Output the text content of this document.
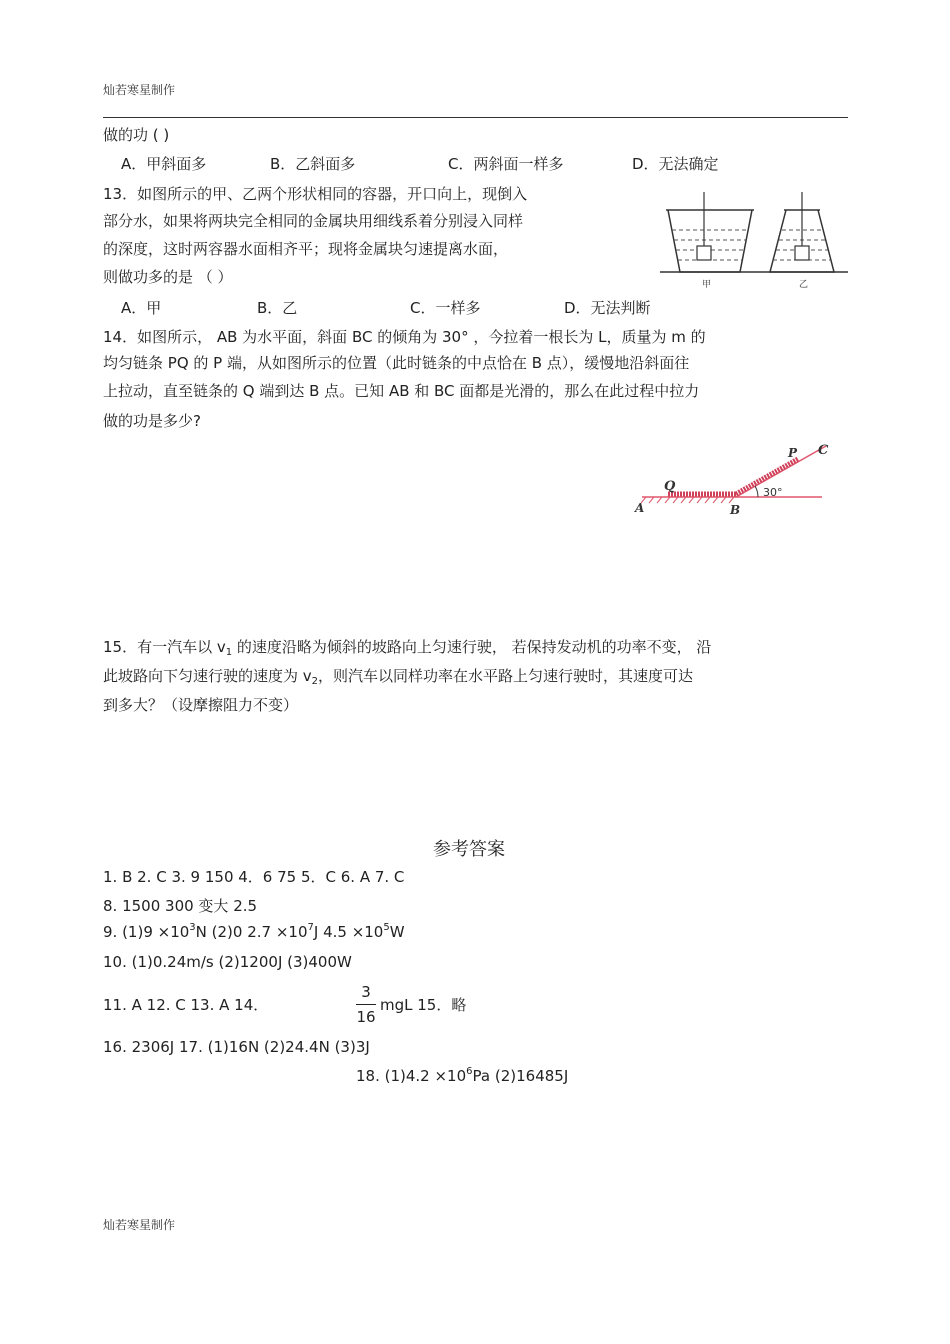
灿若寒星制作
做的功 ( )
A．甲斜面多	B．乙斜面多	C．两斜面一样多	D．无法确定
13．如图所示的甲、乙两个形状相同的容器，开口向上，现倒入
部分水，如果将两块完全相同的金属块用细线系着分别浸入同样
的深度，这时两容器水面相齐平；现将金属块匀速提离水面，
则做功多的是 （ ）
A．甲	B．乙	C．一样多	D．无法判断
甲	乙
14．如图所示， AB 为水平面，斜面 BC 的倾角为 30° ，今拉着一根长为 L，质量为 m 的
均匀链条 PQ 的 P 端，从如图所示的位置（此时链条的中点恰在 B 点），缓慢地沿斜面往
上拉动，直至链条的 Q 端到达 B 点。已知 AB 和 BC 面都是光滑的，那么在此过程中拉力
做的功是多少?
A	B
C
P
Q	30°
15．有一汽车以 $v_1$ 的速度沿略为倾斜的坡路向上匀速行驶， 若保持发动机的功率不变， 沿
此坡路向下匀速行驶的速度为 $v_2$，则汽车以同样功率在水平路上匀速行驶时，其速度可达
到多大？（设摩擦阻力不变）
参考答案
1. B 2. C 3. 9 150 4．6 75 5．C 6. A 7. C
8. 1500 300 变大 2.5
9. $(1)9 \times 10^3N$ (2)0 $2.7 \times 10^7J$ $4.5 \times 10^5W$
10. (1)0.24m/s (2)1200J (3)400W
11. A 12. C 13. A 14．
3
16
mgL 15．略
16. 2306J 17. (1)16N (2)24.4N (3)3J
18. $(1)4.2 \times 10^6Pa$ (2)16485J
灿若寒星制作
